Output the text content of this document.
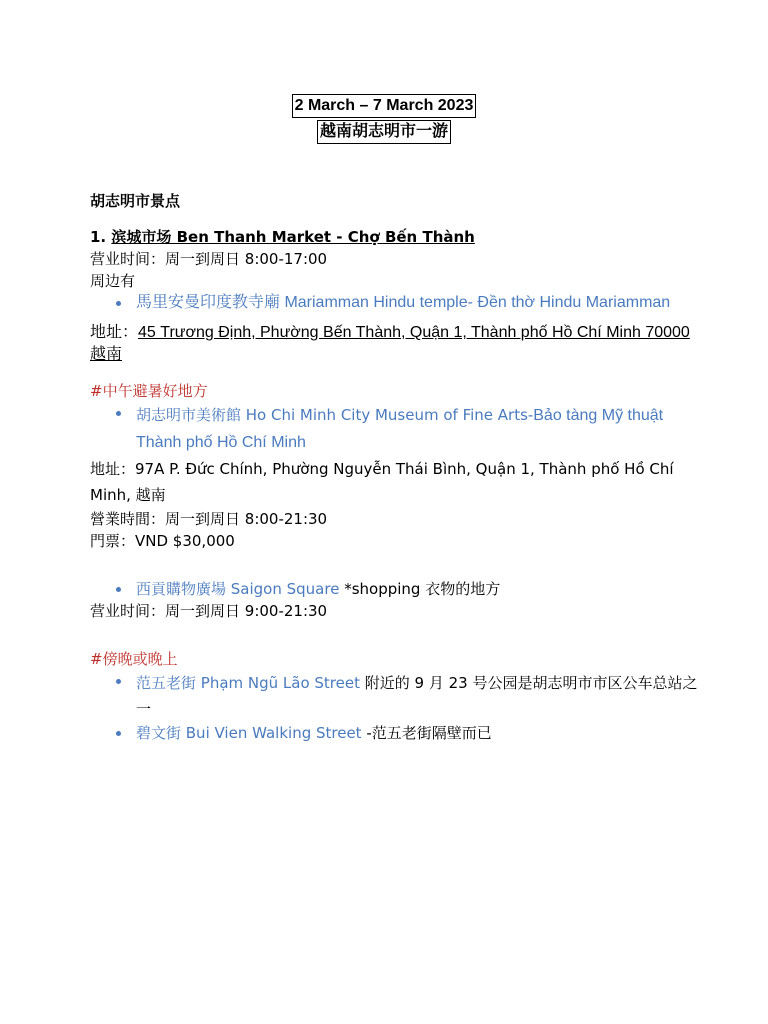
2 March – 7 March 2023
越南胡志明市一游

胡志明市景点

1. 滨城市场 Ben Thanh Market - Chợ Bến Thành

营业时间：周一到周日 8:00-17:00

周边有

馬里安曼印度教寺廟 Mariamman Hindu temple- Đền thờ Hindu Mariamman

地址：45 Trương Định, Phường Bến Thành, Quận 1, Thành phố Hồ Chí Minh 70000 越南

#中午避暑好地方

胡志明市美術館 Ho Chi Minh City Museum of Fine Arts-Bảo tàng Mỹ thuật Thành phố Hồ Chí Minh

地址：97A P. Đức Chính, Phường Nguyễn Thái Bình, Quận 1, Thành phố Hồ Chí Minh, 越南

營業時間：周一到周日 8:00-21:30

門票：VND $30,000

西貢購物廣場 Saigon Square *shopping 衣物的地方

营业时间：周一到周日 9:00-21:30

#傍晚或晚上

范五老街 Phạm Ngũ Lão Street 附近的 9 月 23 号公园是胡志明市市区公车总站之一
碧文街 Bui Vien Walking Street -范五老街隔壁而已
